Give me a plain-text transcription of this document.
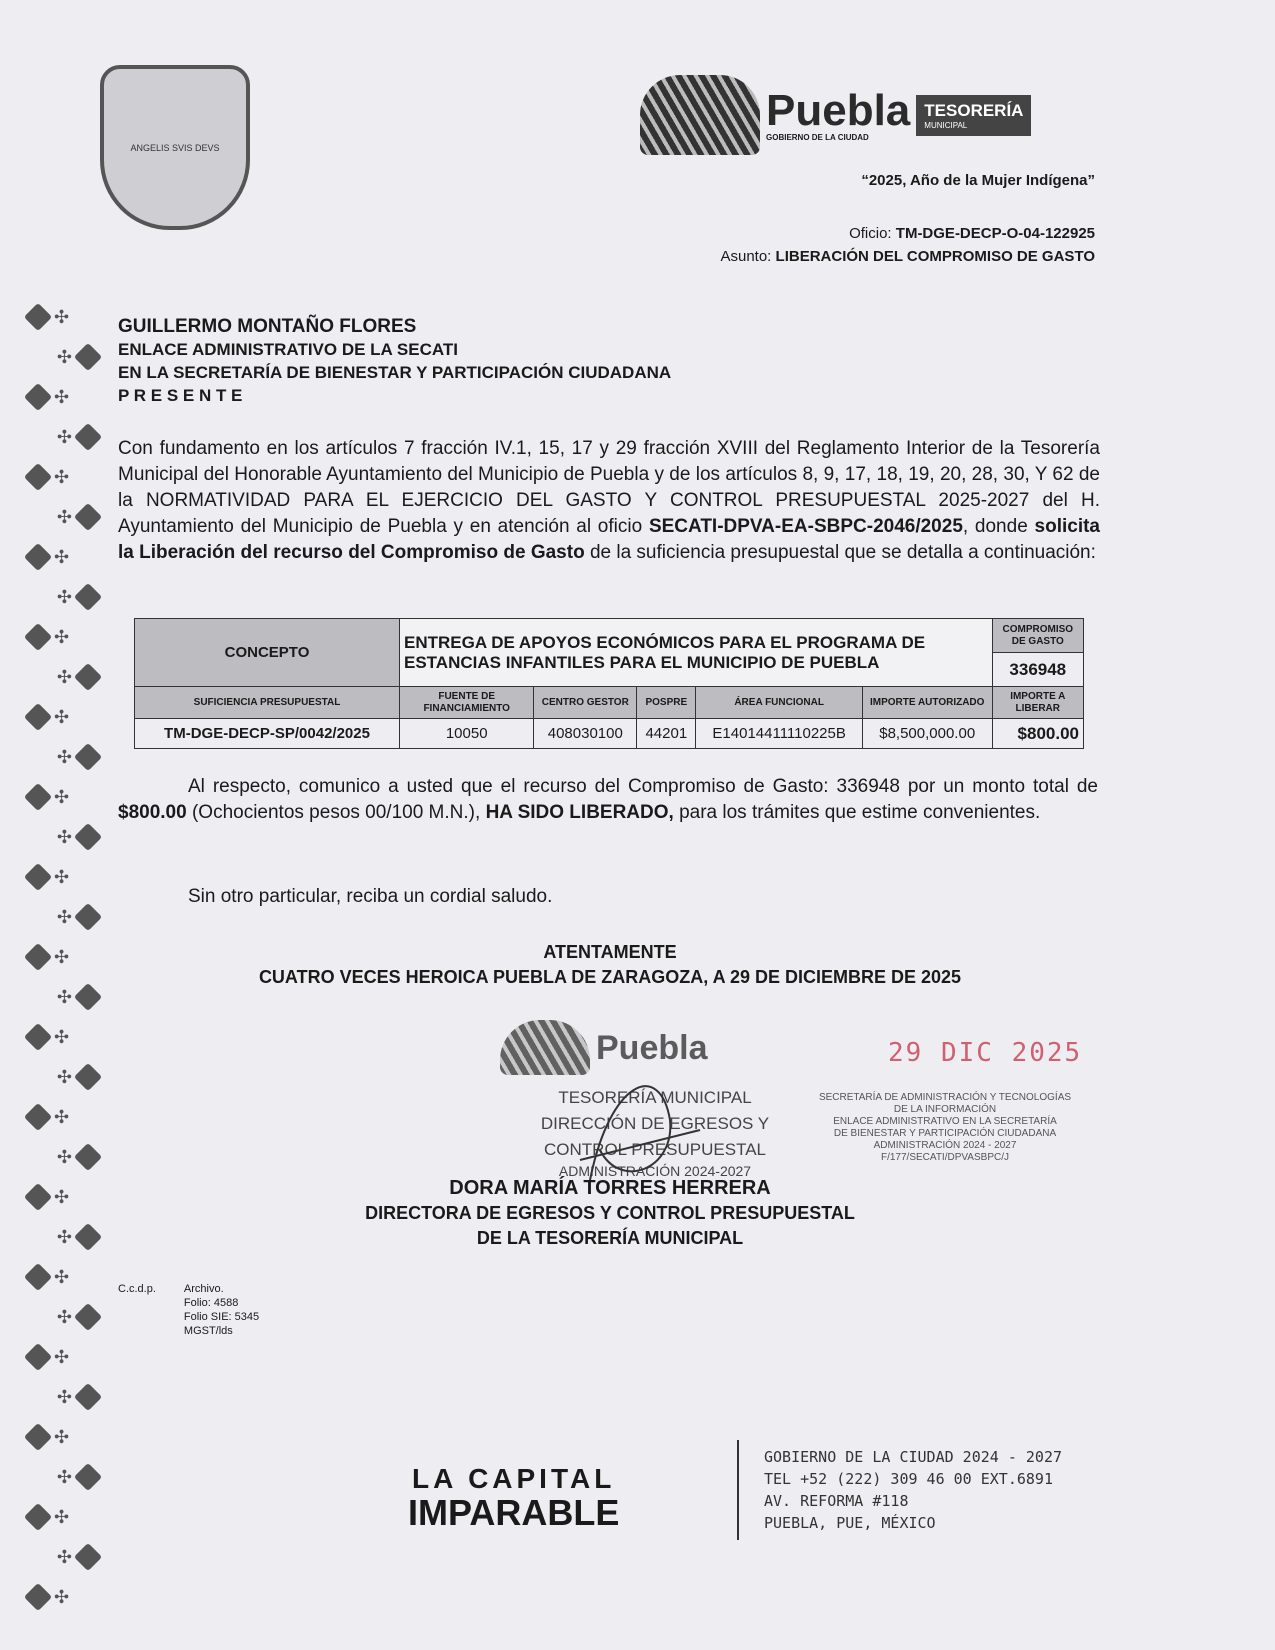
✣
✣
✣
✣
✣
✣
✣
✣
✣
✣
✣
✣
✣
✣
✣
✣
✣
✣
✣
✣
✣
✣
✣
✣
✣
✣
✣
✣
✣
✣
✣
✣
✣
ANGELIS SVIS DEVS
Puebla
GOBIERNO DE LA CIUDAD
TESORERÍA
MUNICIPAL
“2025, Año de la Mujer Indígena”
Oficio: TM-DGE-DECP-O-04-122925
Asunto: LIBERACIÓN DEL COMPROMISO DE GASTO
GUILLERMO MONTAÑO FLORES
ENLACE ADMINISTRATIVO DE LA SECATI
EN LA SECRETARÍA DE BIENESTAR Y PARTICIPACIÓN CIUDADANA
P R E S E N T E

Con fundamento en los artículos 7 fracción IV.1, 15, 17 y 29 fracción XVIII del Reglamento Interior de la Tesorería Municipal del Honorable Ayuntamiento del Municipio de Puebla y de los artículos 8, 9, 17, 18, 19, 20, 28, 30, Y 62 de la NORMATIVIDAD PARA EL EJERCICIO DEL GASTO Y CONTROL PRESUPUESTAL 2025-2027 del H. Ayuntamiento del Municipio de Puebla y en atención al oficio SECATI-DPVA-EA-SBPC-2046/2025, donde solicita la Liberación del recurso del Compromiso de Gasto de la suficiencia presupuestal que se detalla a continuación:

CONCEPTO	ENTREGA DE APOYOS ECONÓMICOS PARA EL PROGRAMA DE ESTANCIAS INFANTILES PARA EL MUNICIPIO DE PUEBLA					COMPROMISO DE GASTO
						336948
SUFICIENCIA PRESUPUESTAL	FUENTE DE FINANCIAMIENTO	CENTRO GESTOR	POSPRE	ÁREA FUNCIONAL	IMPORTE AUTORIZADO	IMPORTE A LIBERAR
TM-DGE-DECP-SP/0042/2025	10050	408030100	44201	E14014411110225B	$8,500,000.00	$800.00

Al respecto, comunico a usted que el recurso del Compromiso de Gasto: 336948 por un monto total de $800.00 (Ochocientos pesos 00/100 M.N.), HA SIDO LIBERADO, para los trámites que estime convenientes.

Sin otro particular, reciba un cordial saludo.

ATENTAMENTE
CUATRO VECES HEROICA PUEBLA DE ZARAGOZA, A 29 DE DICIEMBRE DE 2025
Puebla
TESORERÍA MUNICIPAL
DIRECCIÓN DE EGRESOS Y
CONTROL PRESUPUESTAL
ADMINISTRACIÓN 2024-2027
29 DIC 2025
SECRETARÍA DE ADMINISTRACIÓN Y TECNOLOGÍAS
DE LA INFORMACIÓN
ENLACE ADMINISTRATIVO EN LA SECRETARÍA
DE BIENESTAR Y PARTICIPACIÓN CIUDADANA
ADMINISTRACIÓN 2024 - 2027
F/177/SECATI/DPVASBPC/J
DORA MARÍA TORRES HERRERA
DIRECTORA DE EGRESOS Y CONTROL PRESUPUESTAL
DE LA TESORERÍA MUNICIPAL
C.c.d.p.	Archivo.
Folio: 4588
Folio SIE: 5345
MGST/lds
LA CAPITAL
IMPARABLE
GOBIERNO DE LA CIUDAD 2024 - 2027
TEL +52 (222) 309 46 00 EXT.6891
AV. REFORMA #118
PUEBLA, PUE, MÉXICO
